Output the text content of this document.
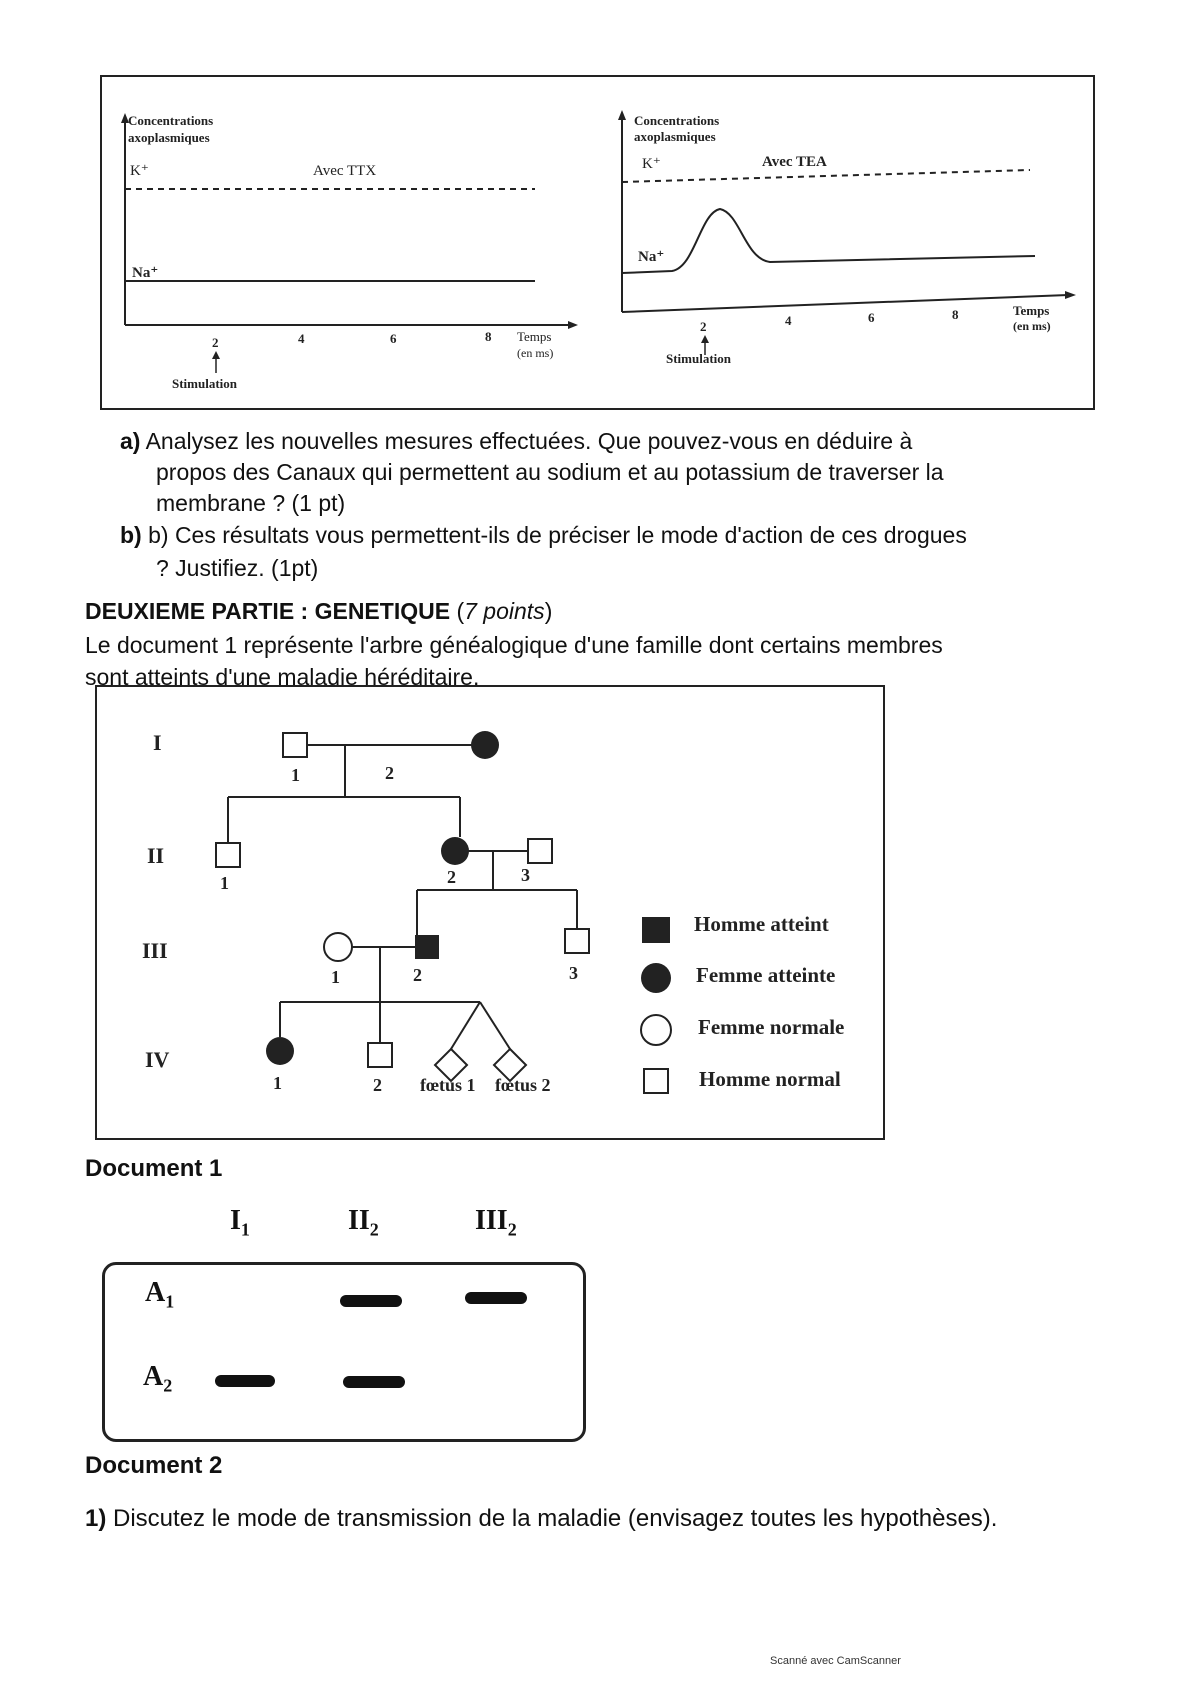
Concentrations
axoplasmiques
K⁺	Avec TTX
Na⁺
2	4	6	8 Temps
(en ms)
Stimulation
Concentrations
axoplasmiques
K⁺	Avec TEA
Na⁺
2	4	6	8	Temps
(en ms)
Stimulation
a) Analysez les nouvelles mesures effectuées. Que pouvez-vous en déduire à
propos des Canaux qui permettent au sodium et au potassium de traverser la
membrane ? (1 pt)
b) b) Ces résultats vous permettent-ils de préciser le mode d'action de ces drogues
? Justifiez. (1pt)
DEUXIEME PARTIE : GENETIQUE (7 points)
Le document 1 représente l'arbre généalogique d'une famille dont certains membres
sont atteints d'une maladie héréditaire.
I
II
III
IV
1	2
1	2	3
1	2	3
1	2 fœtus 1 fœtus 2
Homme atteint
Femme atteinte
Femme normale
Homme normal
Document 1
$I_1$	$II_2$	$III_2$
$A_1$
$A_2$
Document 2
1) Discutez le mode de transmission de la maladie (envisagez toutes les hypothèses).
Scanné avec CamScanner
